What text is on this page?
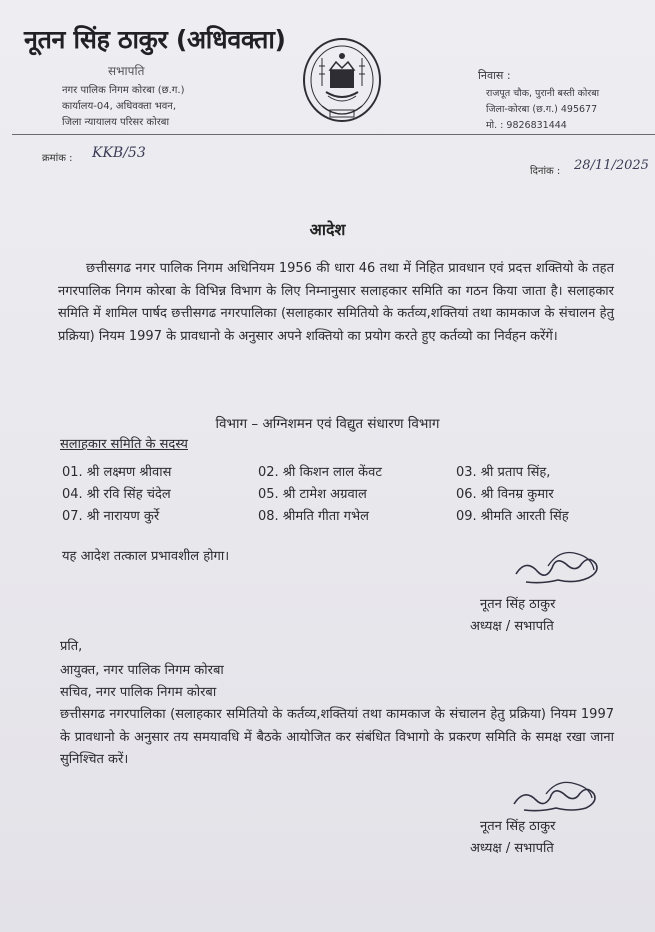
नूतन सिंह ठाकुर (अधिवक्ता)
सभापति
नगर पालिक निगम कोरबा (छ.ग.)
कार्यालय-04, अधिवक्ता भवन,
जिला न्यायालय परिसर कोरबा
निवास :
राजपूत चौक, पुरानी बस्ती कोरबा
जिला-कोरबा (छ.ग.) 495677
मो. : 9826831444
क्रमांक : KKB/53
दिनांक : 28/11/2025
आदेश
छत्तीसगढ नगर पालिक निगम अधिनियम 1956 की धारा 46 तथा में निहित प्रावधान एवं प्रदत्त शक्तियो के तहत नगरपालिक निगम कोरबा के विभिन्न विभाग के लिए निम्नानुसार सलाहकार समिति का गठन किया जाता है। सलाहकार समिति में शामिल पार्षद छत्तीसगढ नगरपालिका (सलाहकार समितियो के कर्तव्य,शक्तियां तथा कामकाज के संचालन हेतु प्रक्रिया) नियम 1997 के प्रावधानो के अनुसार अपने शक्तियो का प्रयोग करते हुए कर्तव्यो का निर्वहन करेंगें।
विभाग – अग्निशमन एवं विद्युत संधारण विभाग
सलाहकार समिति के सदस्य
01. श्री लक्ष्मण श्रीवास	02. श्री किशन लाल केंवट	03. श्री प्रताप सिंह,
04. श्री रवि सिंह चंदेल	05. श्री टामेश अग्रवाल	06. श्री विनम्र कुमार
07. श्री नारायण कुर्रे	08. श्रीमति गीता गभेल	09. श्रीमति आरती सिंह
यह आदेश तत्काल प्रभावशील होगा।
नूतन सिंह ठाकुर
अध्यक्ष / सभापति
प्रति,
आयुक्त, नगर पालिक निगम कोरबा
सचिव, नगर पालिक निगम कोरबा
छत्तीसगढ नगरपालिका (सलाहकार समितियो के कर्तव्य,शक्तियां तथा कामकाज के संचालन हेतु प्रक्रिया) नियम 1997 के प्रावधानो के अनुसार तय समयावधि में बैठके आयोजित कर संबंधित विभागो के प्रकरण समिति के समक्ष रखा जाना सुनिश्चित करें।
नूतन सिंह ठाकुर
अध्यक्ष / सभापति
